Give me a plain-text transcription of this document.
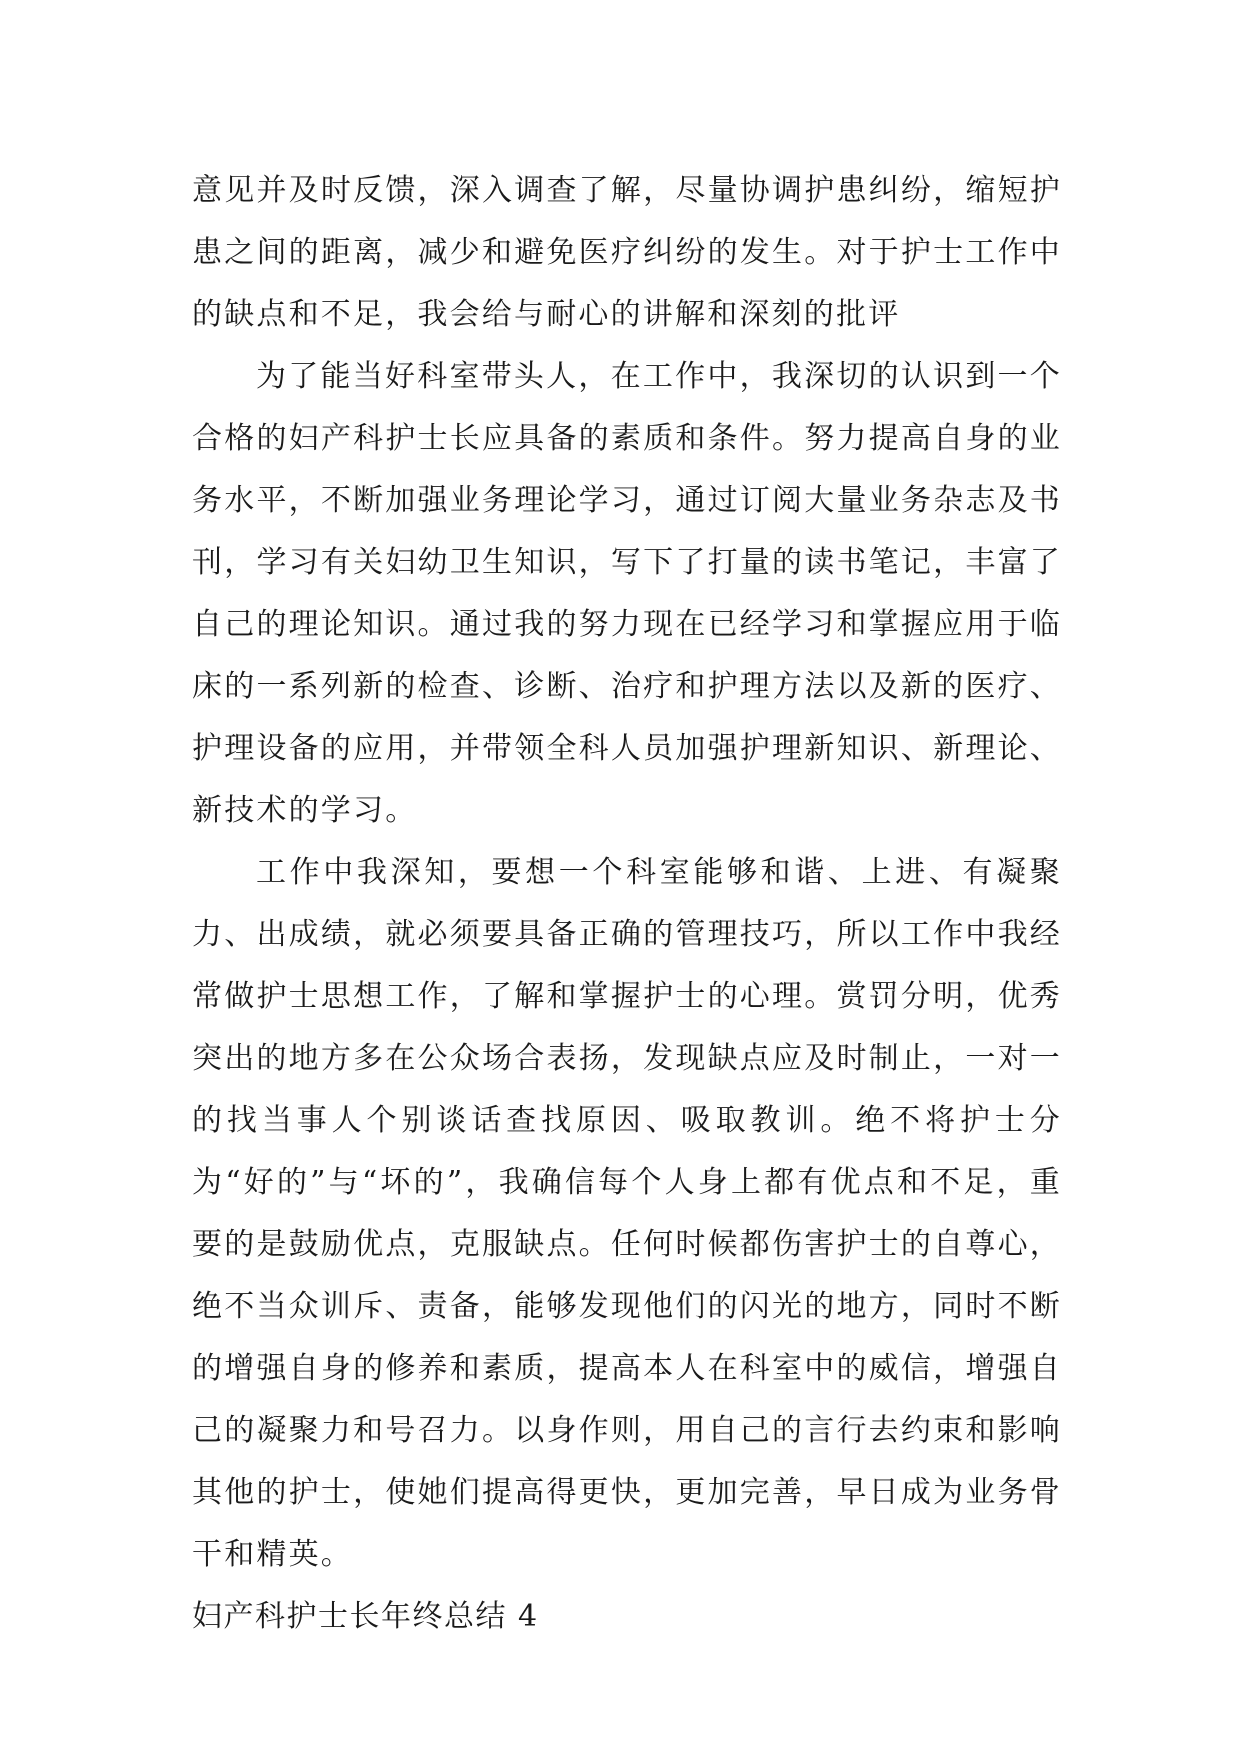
意见并及时反馈，深入调查了解，尽量协调护患纠纷，缩短护患之间的距离，减少和避免医疗纠纷的发生。对于护士工作中的缺点和不足，我会给与耐心的讲解和深刻的批评

为了能当好科室带头人，在工作中，我深切的认识到一个合格的妇产科护士长应具备的素质和条件。努力提高自身的业务水平，不断加强业务理论学习，通过订阅大量业务杂志及书刊，学习有关妇幼卫生知识，写下了打量的读书笔记，丰富了自己的理论知识。通过我的努力现在已经学习和掌握应用于临床的一系列新的检查、诊断、治疗和护理方法以及新的医疗、护理设备的应用，并带领全科人员加强护理新知识、新理论、新技术的学习。

工作中我深知，要想一个科室能够和谐、上进、有凝聚力、出成绩，就必须要具备正确的管理技巧，所以工作中我经常做护士思想工作，了解和掌握护士的心理。赏罚分明，优秀突出的地方多在公众场合表扬，发现缺点应及时制止，一对一的找当事人个别谈话查找原因、吸取教训。绝不将护士分为“好的”与“坏的”，我确信每个人身上都有优点和不足，重要的是鼓励优点，克服缺点。任何时候都伤害护士的自尊心，绝不当众训斥、责备，能够发现他们的闪光的地方，同时不断的增强自身的修养和素质，提高本人在科室中的威信，增强自己的凝聚力和号召力。以身作则，用自己的言行去约束和影响其他的护士，使她们提高得更快，更加完善，早日成为业务骨干和精英。

妇产科护士长年终总结 4
